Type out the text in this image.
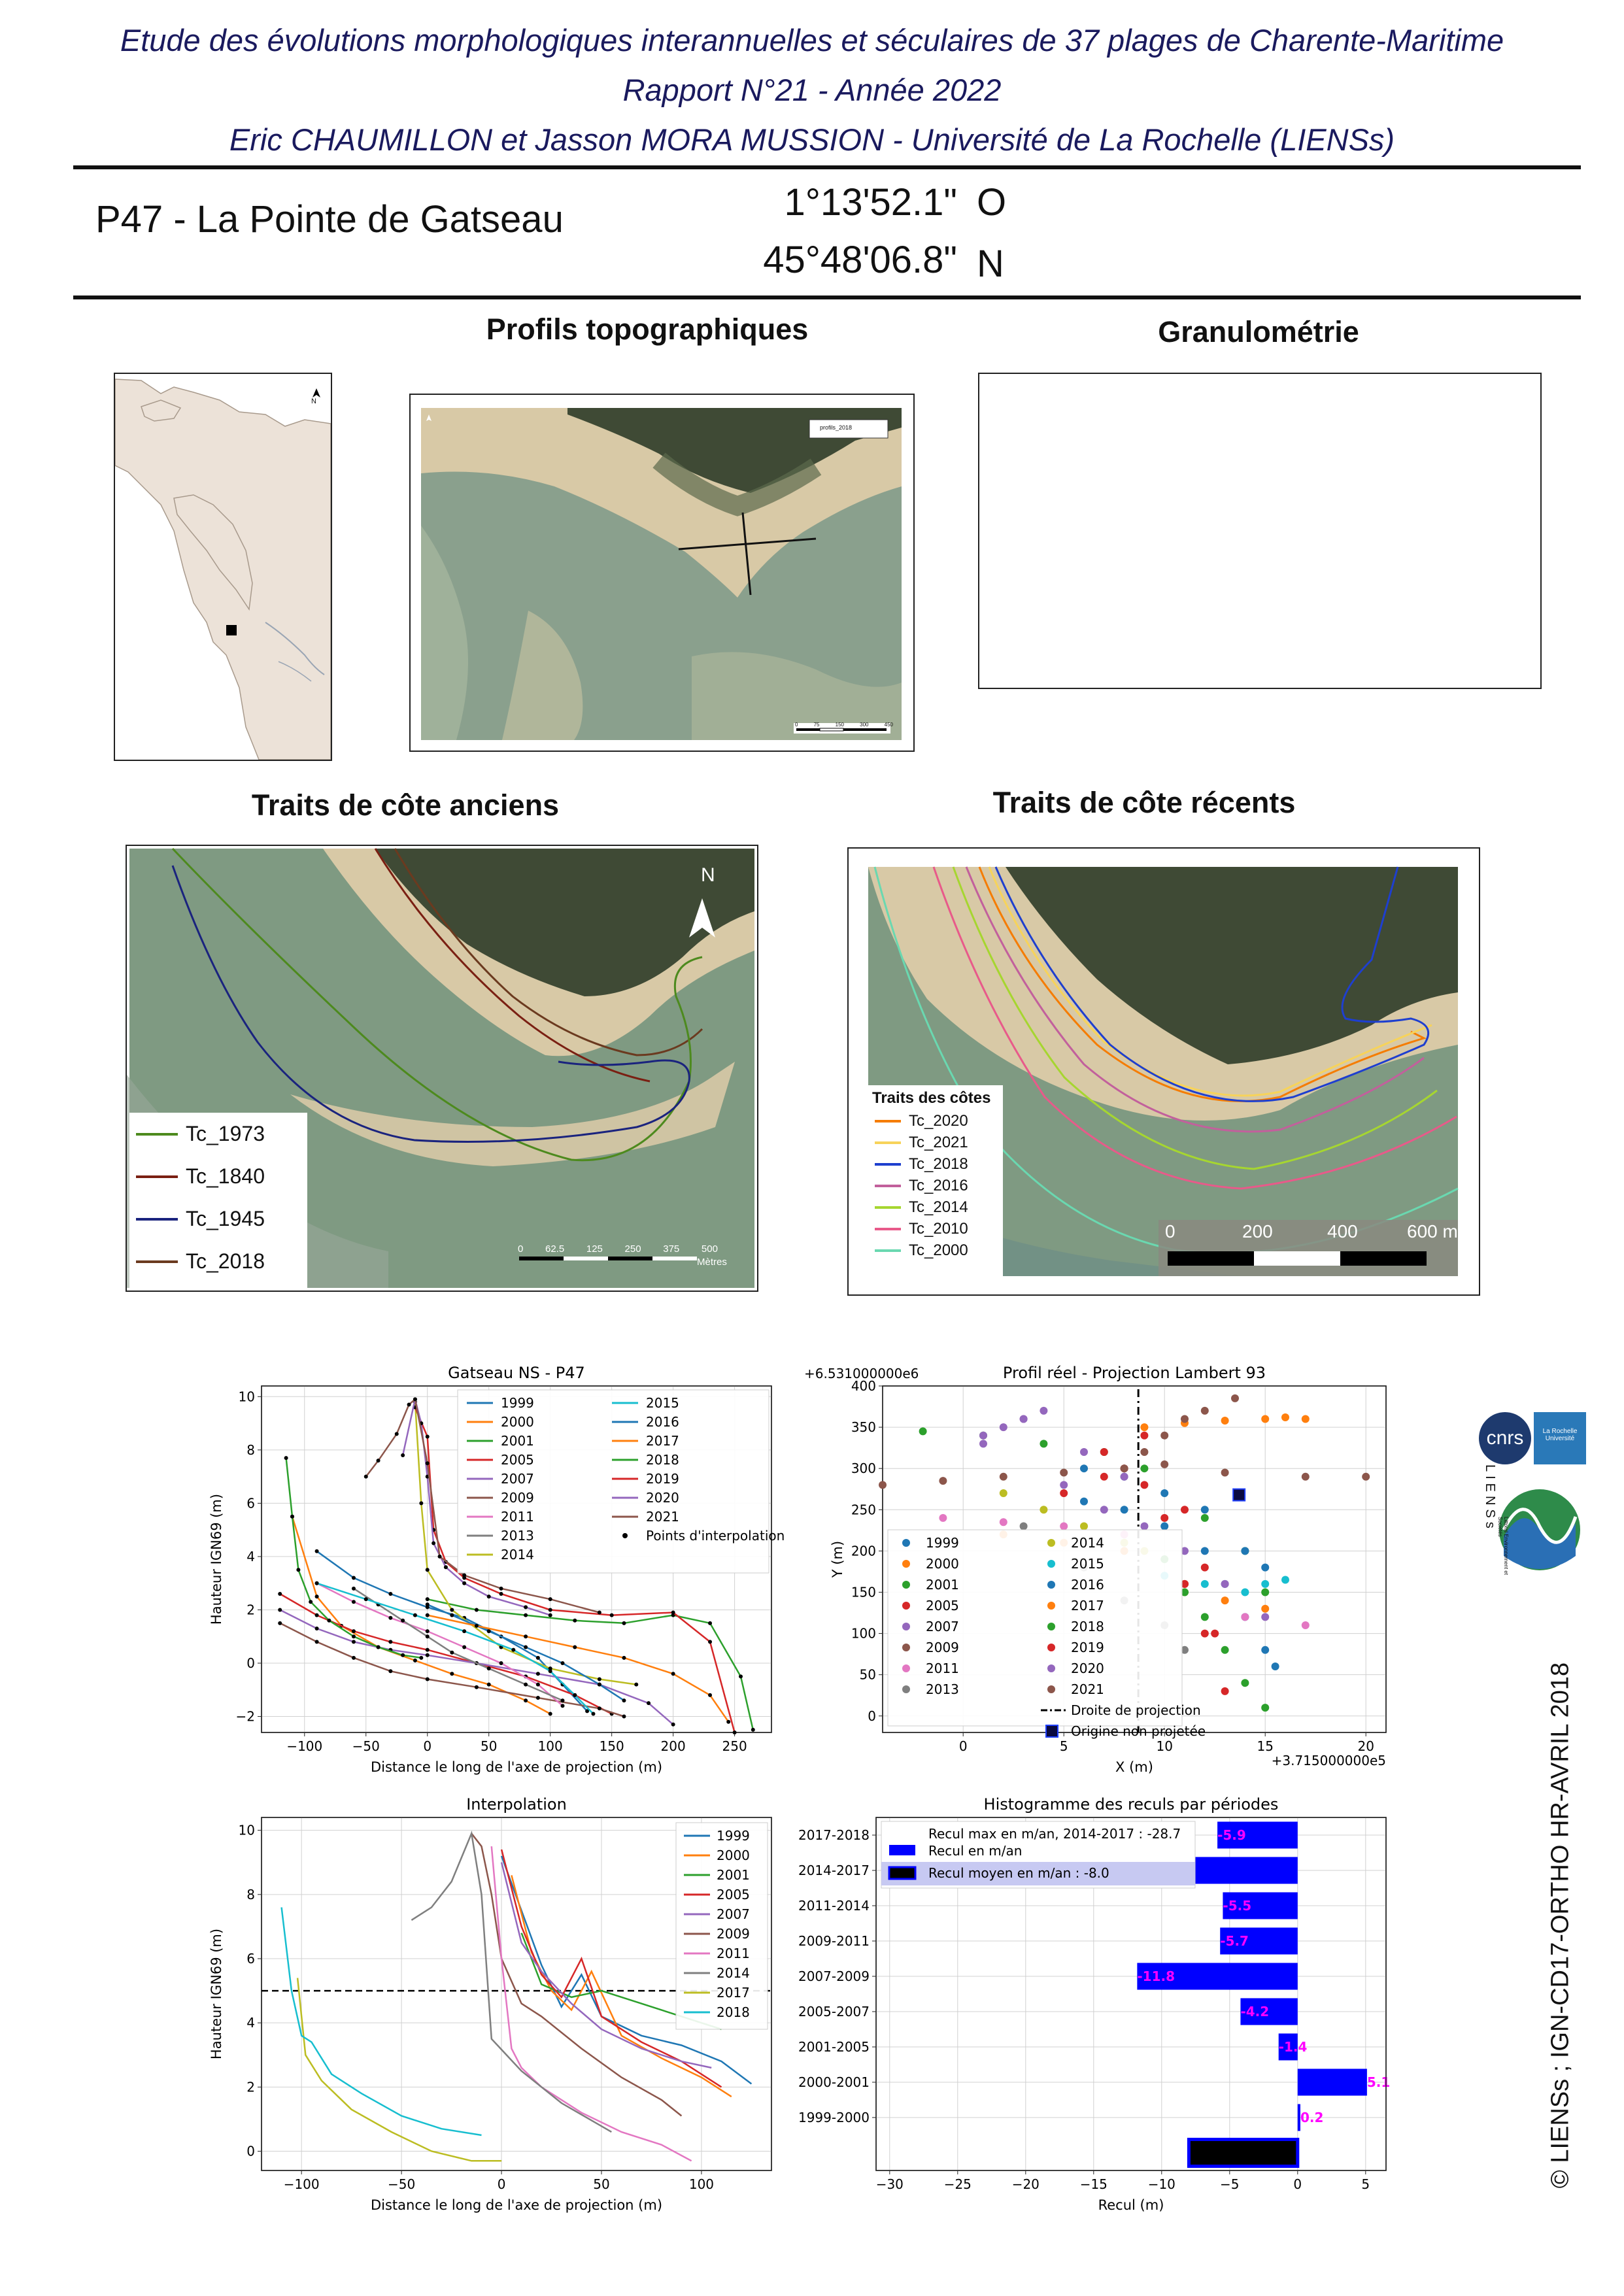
Etude des évolutions morphologiques interannuelles et séculaires de 37 plages de Charente-Maritime
Rapport N°21 - Année 2022
Eric CHAUMILLON et Jasson MORA MUSSION - Université de La Rochelle (LIENSs)
P47 - La Pointe de Gatseau	1°13'52.1" O
45°48'06.8" N
Profils topographiques	Granulométrie
Traits de côte anciens	Traits de côte récents
N
profils_2018
0	75	150	300	450
N
0 62.5 125 250 375 500
Mètres
Tc_1973
Tc_1840
Tc_1945
Tc_2018
0	200	400	600 m
Traits des côtes
Tc_2020
Tc_2021
Tc_2018
Tc_2016
Tc_2014
Tc_2010
Tc_2000
−100 −50	0	50	100	150	200	250
−2
0
2
4
6
8
10
Gatseau NS - P47
Distance le long de l'axe de projection (m)
Hauteur IGN69 (m)
1999
2000
2001
2005
2007
2009
2011
2013
2014
2015
2016
2017
2018
2019
2020
2021
Points d'interpolation
0	5	10	15	20
0
50
100
150
200
250
300
350
400
Profil réel - Projection Lambert 93
X (m)
Y (m)
+6.531000000e6
+3.715000000e5
1999
2000
2001
2005
2007
2009
2011
2013
2014
2015
2016
2017
2018
2019
2020
2021
Droite de projection
Origine non projetée
−100	−50	0	50	100
0
2
4
6
8
10
Interpolation
Distance le long de l'axe de projection (m)
Hauteur IGN69 (m)
1999
2000
2001
2005
2007
2009
2011
2014
2017
2018
−30	−25	−20	−15	−10	−5	0	5
2017-2018	-5.9
2014-2017
2011-2014	-5.5
2009-2011	-5.7
2007-2009	-11.8
2005-2007	-4.2
2001-2005	-1.4
2000-2001	5.1
1999-2000	0.2
Histogramme des reculs par périodes
Recul (m)
Recul max en m/an, 2014-2017 : -28.7
Recul en m/an
Recul moyen en m/an : -8.0
cnrs	La Rochelle Université
LIENSs
Littoral Environnement et Sociétés
© LIENSs ; IGN-CD17-ORTHO HR-AVRIL 2018
